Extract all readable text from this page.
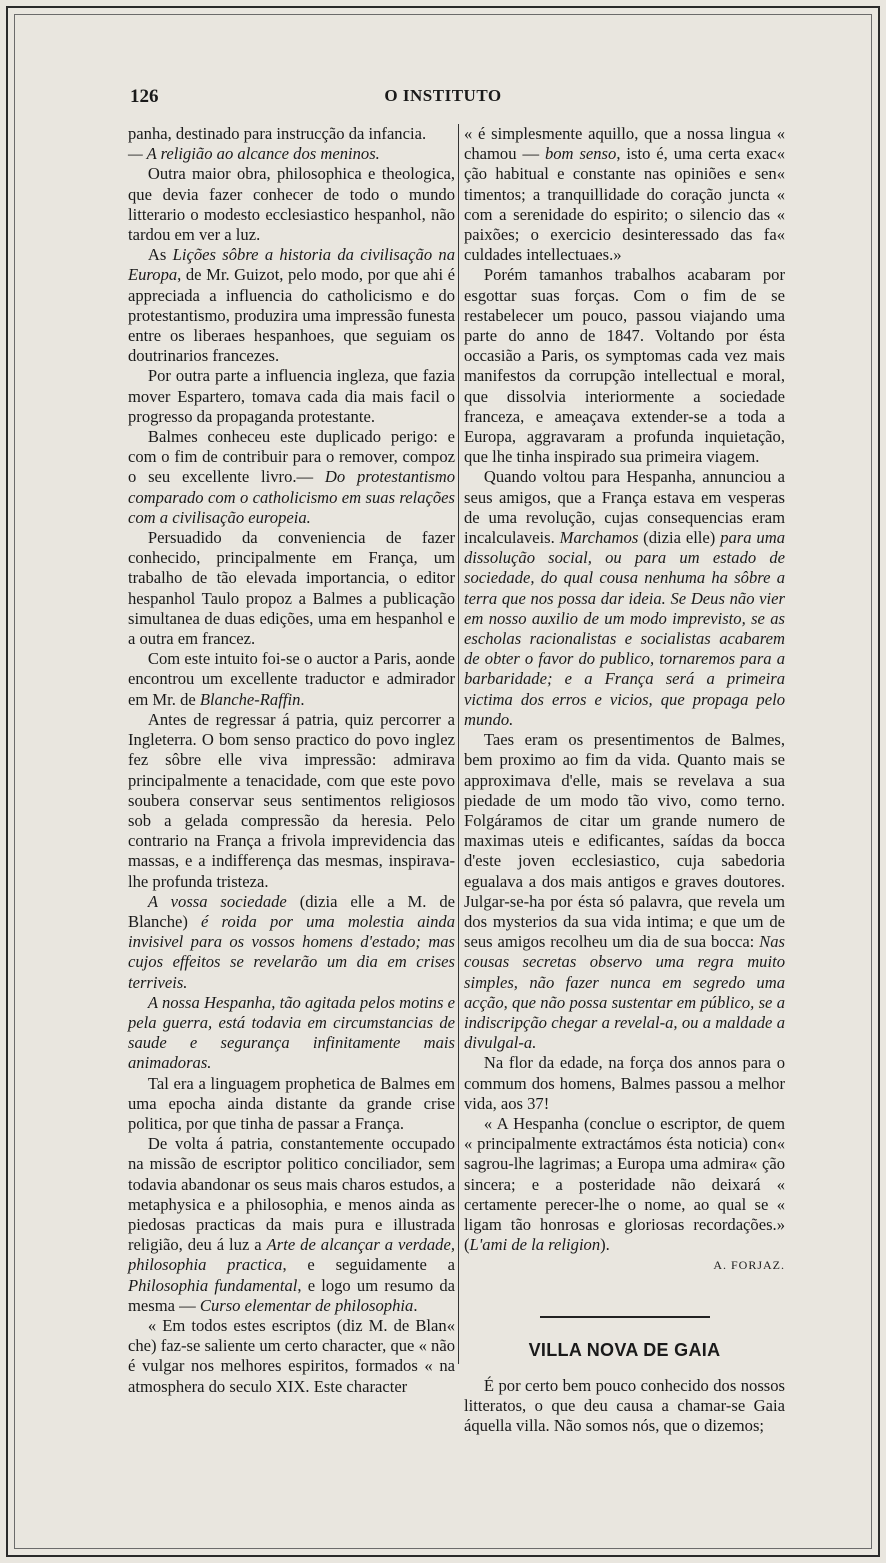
126	O INSTITUTO

panha, destinado para instrucção da infancia.

— A religião ao alcance dos meninos.

Outra maior obra, philosophica e theologica, que devia fazer conhecer de todo o mundo litterario o modesto ecclesiastico hespanhol, não tardou em ver a luz.

As Lições sôbre a historia da civilisação na Europa, de Mr. Guizot, pelo modo, por que ahi é appreciada a influencia do catholicismo e do protestantismo, produzira uma impressão funesta entre os liberaes hespanhoes, que seguiam os doutrinarios francezes.

Por outra parte a influencia ingleza, que fazia mover Espartero, tomava cada dia mais facil o progresso da propaganda protestante.

Balmes conheceu este duplicado perigo: e com o fim de contribuir para o remover, compoz o seu excellente livro.— Do protestantismo comparado com o catholicismo em suas relações com a civilisação europeia.

Persuadido da conveniencia de fazer conhecido, principalmente em França, um trabalho de tão elevada importancia, o editor hespanhol Taulo propoz a Balmes a publicação simultanea de duas edições, uma em hespanhol e a outra em francez.

Com este intuito foi-se o auctor a Paris, aonde encontrou um excellente traductor e admirador em Mr. de Blanche-Raffin.

Antes de regressar á patria, quiz percorrer a Ingleterra. O bom senso practico do povo inglez fez sôbre elle viva impressão: admirava principalmente a tenacidade, com que este povo soubera conservar seus sentimentos religiosos sob a gelada compressão da heresia. Pelo contrario na França a frivola imprevidencia das massas, e a indifferença das mesmas, inspirava-lhe profunda tristeza.

A vossa sociedade (dizia elle a M. de Blanche) é roida por uma molestia ainda invisivel para os vossos homens d'estado; mas cujos effeitos se revelarão um dia em crises terriveis.

A nossa Hespanha, tão agitada pelos motins e pela guerra, está todavia em circumstancias de saude e segurança infinitamente mais animadoras.

Tal era a linguagem prophetica de Balmes em uma epocha ainda distante da grande crise politica, por que tinha de passar a França.

De volta á patria, constantemente occupado na missão de escriptor politico conciliador, sem todavia abandonar os seus mais charos estudos, a metaphysica e a philosophia, e menos ainda as piedosas practicas da mais pura e illustrada religião, deu á luz a Arte de alcançar a verdade, philosophia practica, e seguidamente a Philosophia fundamental, e logo um resumo da mesma — Curso elementar de philosophia.

« Em todos estes escriptos (diz M. de Blan« che) faz-se saliente um certo character, que « não é vulgar nos melhores espiritos, formados « na atmosphera do seculo XIX. Este character

« é simplesmente aquillo, que a nossa lingua « chamou — bom senso, isto é, uma certa exac« ção habitual e constante nas opiniões e sen« timentos; a tranquillidade do coração juncta « com a serenidade do espirito; o silencio das « paixões; o exercicio desinteressado das fa« culdades intellectuaes.»

Porém tamanhos trabalhos acabaram por esgottar suas forças. Com o fim de se restabelecer um pouco, passou viajando uma parte do anno de 1847. Voltando por ésta occasião a Paris, os symptomas cada vez mais manifestos da corrupção intellectual e moral, que dissolvia interiormente a sociedade franceza, e ameaçava extender-se a toda a Europa, aggravaram a profunda inquietação, que lhe tinha inspirado sua primeira viagem.

Quando voltou para Hespanha, annunciou a seus amigos, que a França estava em vesperas de uma revolução, cujas consequencias eram incalculaveis. Marchamos (dizia elle) para uma dissolução social, ou para um estado de sociedade, do qual cousa nenhuma ha sôbre a terra que nos possa dar ideia. Se Deus não vier em nosso auxilio de um modo imprevisto, se as escholas racionalistas e socialistas acabarem de obter o favor do publico, tornaremos para a barbaridade; e a França será a primeira victima dos erros e vicios, que propaga pelo mundo.

Taes eram os presentimentos de Balmes, bem proximo ao fim da vida. Quanto mais se approximava d'elle, mais se revelava a sua piedade de um modo tão vivo, como terno. Folgáramos de citar um grande numero de maximas uteis e edificantes, saídas da bocca d'este joven ecclesiastico, cuja sabedoria egualava a dos mais antigos e graves doutores. Julgar-se-ha por ésta só palavra, que revela um dos mysterios da sua vida intima; e que um de seus amigos recolheu um dia de sua bocca: Nas cousas secretas observo uma regra muito simples, não fazer nunca em segredo uma acção, que não possa sustentar em público, se a indiscripção chegar a revelal-a, ou a maldade a divulgal-a.

Na flor da edade, na força dos annos para o commum dos homens, Balmes passou a melhor vida, aos 37!

« A Hespanha (conclue o escriptor, de quem « principalmente extractámos ésta noticia) con« sagrou-lhe lagrimas; a Europa uma admira« ção sincera; e a posteridade não deixará « certamente perecer-lhe o nome, ao qual se « ligam tão honrosas e gloriosas recordações.» (L'ami de la religion).

A. FORJAZ.
VILLA NOVA DE GAIA

É por certo bem pouco conhecido dos nossos litteratos, o que deu causa a chamar-se Gaia áquella villa. Não somos nós, que o dizemos;
